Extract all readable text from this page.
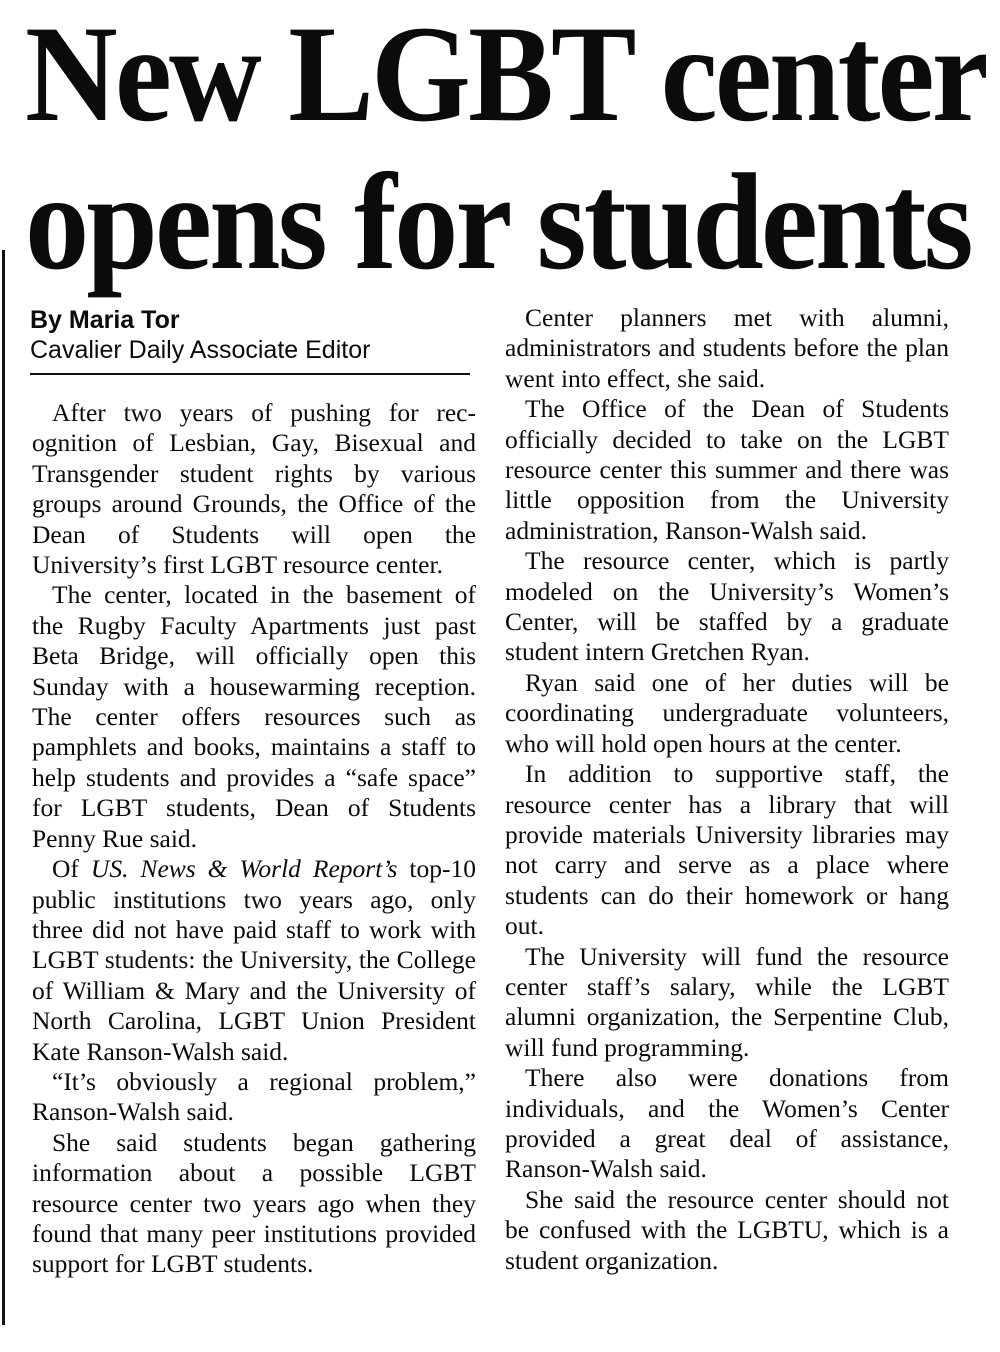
New LGBT center
opens for students
By Maria Tor
Cavalier Daily Associate Editor

After two years of pushing for recognition of Lesbian, Gay, Bisexual and Transgender student rights by various groups around Grounds, the Office of the Dean of Students will open the University’s first LGBT resource center.

The center, located in the basement of the Rugby Faculty Apartments just past Beta Bridge, will officially open this Sunday with a housewarming reception. The center offers resources such as pamphlets and books, maintains a staff to help students and provides a “safe space” for LGBT students, Dean of Students Penny Rue said.

Of US. News & World Report’s top-10 public institutions two years ago, only three did not have paid staff to work with LGBT students: the University, the College of William & Mary and the University of North Carolina, LGBT Union President Kate Ranson-Walsh said.

“It’s obviously a regional problem,” Ranson-Walsh said.

She said students began gathering information about a possible LGBT resource center two years ago when they found that many peer institutions provided support for LGBT students.

Center planners met with alumni, administrators and students before the plan went into effect, she said.

The Office of the Dean of Students officially decided to take on the LGBT resource center this summer and there was little opposition from the University administration, Ranson-Walsh said.

The resource center, which is partly modeled on the University’s Women’s Center, will be staffed by a graduate student intern Gretchen Ryan.

Ryan said one of her duties will be coordinating undergraduate volunteers, who will hold open hours at the center.

In addition to supportive staff, the resource center has a library that will provide materials University libraries may not carry and serve as a place where students can do their homework or hang out.

The University will fund the resource center staff’s salary, while the LGBT alumni organization, the Serpentine Club, will fund programming.

There also were donations from individuals, and the Women’s Center provided a great deal of assistance, Ranson-Walsh said.

She said the resource center should not be confused with the LGBTU, which is a student organization.
